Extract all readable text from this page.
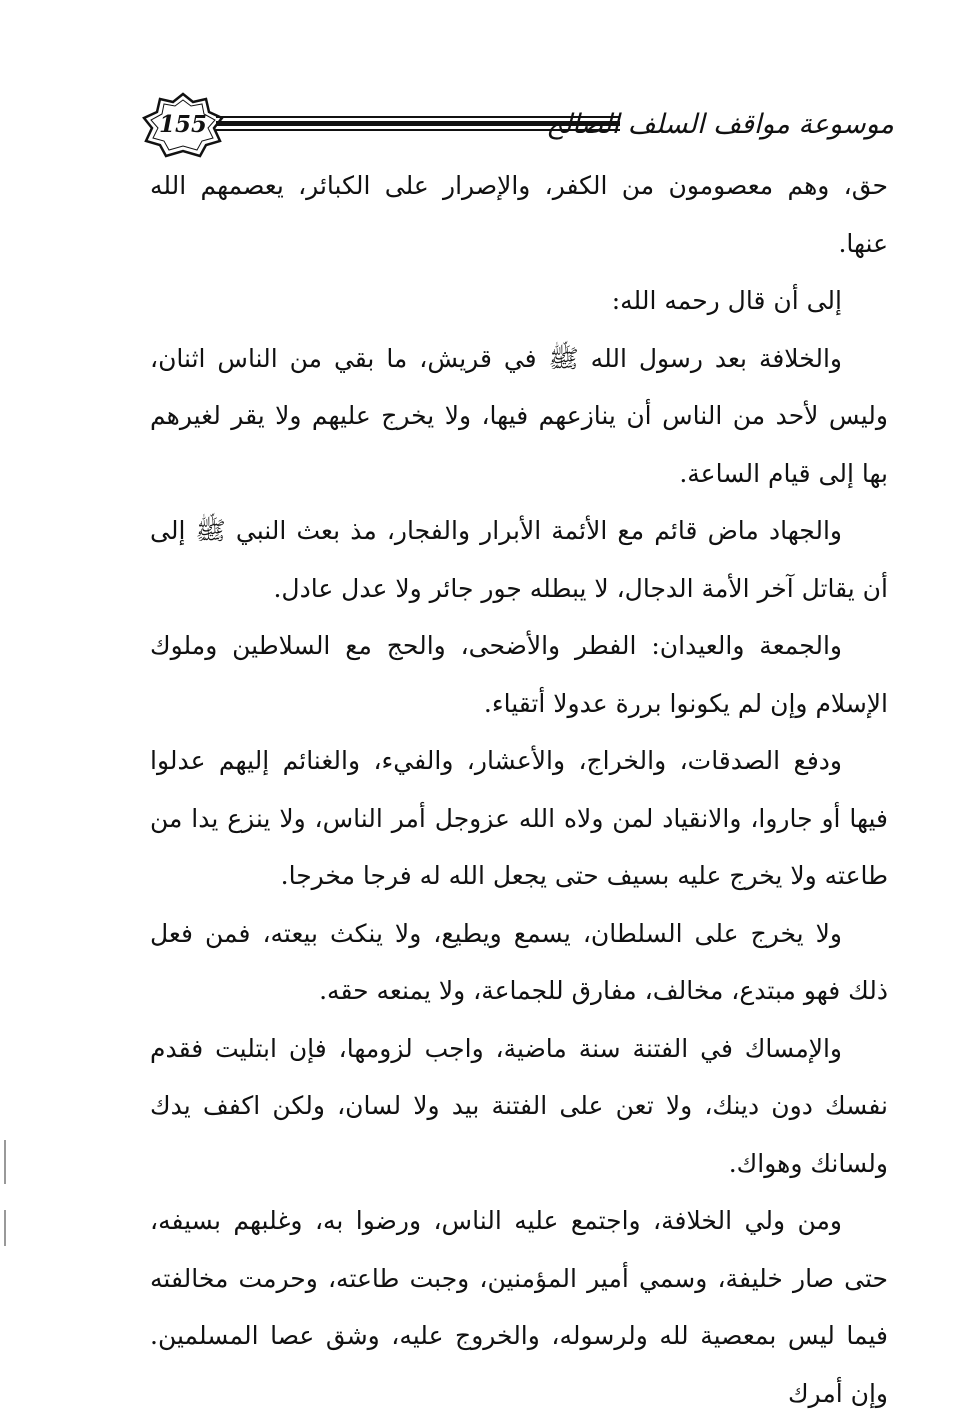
155	موسوعة مواقف السلف الصالح

حق، وهم معصومون من الكفر، والإصرار على الكبائر، يعصمهم الله عنها.

إلى أن قال رحمه الله:

والخلافة بعد رسول الله ﷺ في قريش، ما بقي من الناس اثنان، وليس لأحد من الناس أن ينازعهم فيها، ولا يخرج عليهم ولا يقر لغيرهم بها إلى قيام الساعة.

والجهاد ماض قائم مع الأئمة الأبرار والفجار، مذ بعث النبي ﷺ إلى أن يقاتل آخر الأمة الدجال، لا يبطله جور جائر ولا عدل عادل.

والجمعة والعيدان: الفطر والأضحى، والحج مع السلاطين وملوك الإسلام وإن لم يكونوا بررة عدولا أتقياء.

ودفع الصدقات، والخراج، والأعشار، والفيء، والغنائم إليهم عدلوا فيها أو جاروا، والانقياد لمن ولاه الله عزوجل أمر الناس، ولا ينزع يدا من طاعته ولا يخرج عليه بسيف حتى يجعل الله له فرجا مخرجا.

ولا يخرج على السلطان، يسمع ويطيع، ولا ينكث بيعته، فمن فعل ذلك فهو مبتدع، مخالف، مفارق للجماعة، ولا يمنعه حقه.

والإمساك في الفتنة سنة ماضية، واجب لزومها، فإن ابتليت فقدم نفسك دون دينك، ولا تعن على الفتنة بيد ولا لسان، ولكن اكفف يدك ولسانك وهواك.

ومن ولي الخلافة، واجتمع عليه الناس، ورضوا به، وغلبهم بسيفه، حتى صار خليفة، وسمي أمير المؤمنين، وجبت طاعته، وحرمت مخالفته فيما ليس بمعصية لله ولرسوله، والخروج عليه، وشق عصا المسلمين. وإن أمرك
